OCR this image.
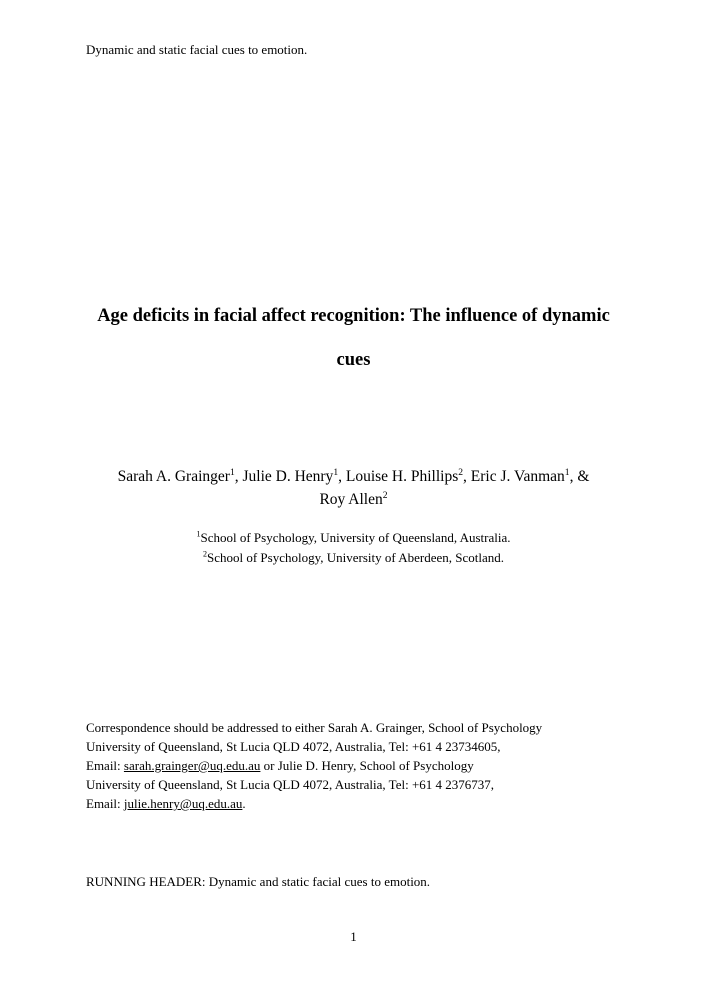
Dynamic and static facial cues to emotion.
Age deficits in facial affect recognition: The influence of dynamic
cues
Sarah A. Grainger$^1$, Julie D. Henry$^1$, Louise H. Phillips$^2$, Eric J. Vanman$^1$, &
Roy Allen$^2$
$^1$School of Psychology, University of Queensland, Australia.
$^2$School of Psychology, University of Aberdeen, Scotland.
Correspondence should be addressed to either Sarah A. Grainger, School of Psychology
University of Queensland, St Lucia QLD 4072, Australia, Tel: +61 4 23734605,
Email: sarah.grainger@uq.edu.au or Julie D. Henry, School of Psychology
University of Queensland, St Lucia QLD 4072, Australia, Tel: +61 4 2376737,
Email: julie.henry@uq.edu.au.
RUNNING HEADER: Dynamic and static facial cues to emotion.
1
